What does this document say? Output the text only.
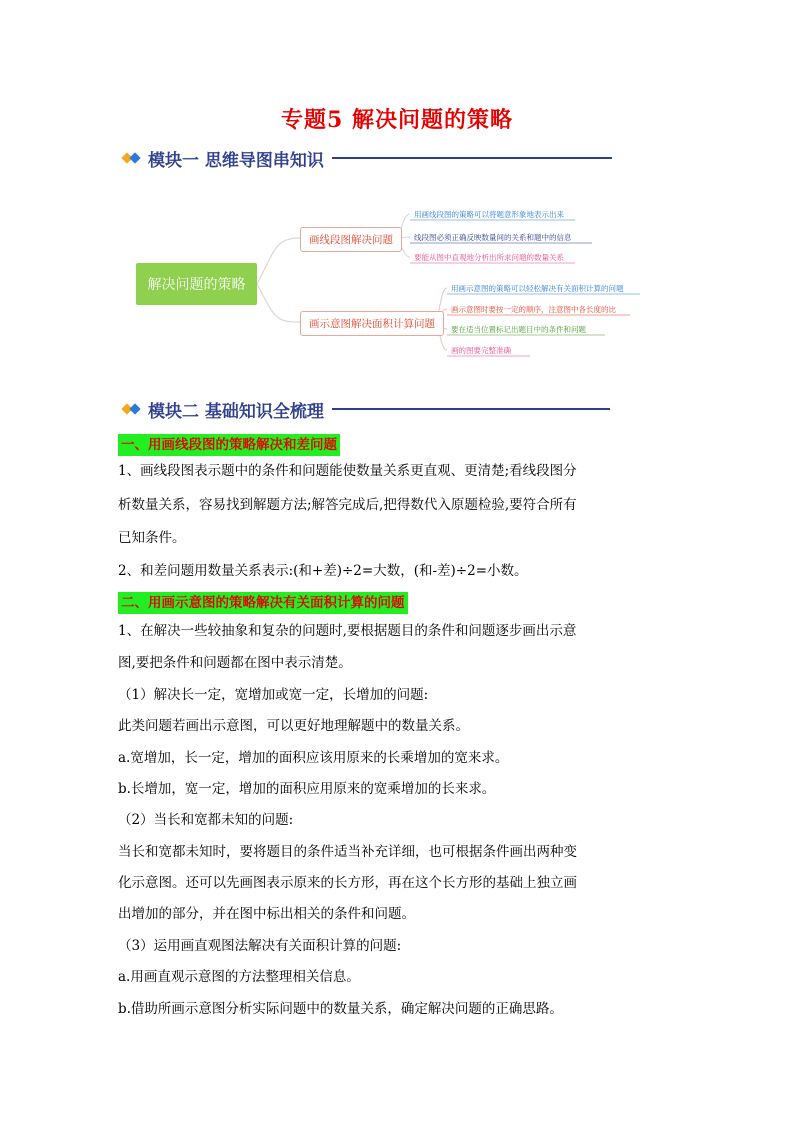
专题5 解决问题的策略
模块一 思维导图串知识
解决问题的策略
画线段图解决问题
画示意图解决面积计算问题
用画线段图的策略可以将题意形象地表示出来
线段图必须正确反映数量间的关系和题中的信息
要能从图中直观地分析出所求问题的数量关系
用画示意图的策略可以轻松解决有关面积计算的问题
画示意图时要按一定的顺序，注意图中各长度的比
要在适当位置标记出题目中的条件和问题
画的图要完整准确
模块二 基础知识全梳理
一、用画线段图的策略解决和差问题
1、画线段图表示题中的条件和问题能使数量关系更直观、更清楚;看线段图分
析数量关系，容易找到解题方法;解答完成后,把得数代入原题检验,要符合所有
已知条件。
2、和差问题用数量关系表示:(和+差)÷2=大数，(和-差)÷2=小数。
二、用画示意图的策略解决有关面积计算的问题
1、在解决一些较抽象和复杂的问题时,要根据题目的条件和问题逐步画出示意
图,要把条件和问题都在图中表示清楚。
（1）解决长一定，宽增加或宽一定，长增加的问题:
此类问题若画出示意图，可以更好地理解题中的数量关系。
a.宽增加，长一定，增加的面积应该用原来的长乘增加的宽来求。
b.长增加，宽一定，增加的面积应用原来的宽乘增加的长来求。
（2）当长和宽都未知的问题:
当长和宽都未知时，要将题目的条件适当补充详细，也可根据条件画出两种变
化示意图。还可以先画图表示原来的长方形，再在这个长方形的基础上独立画
出增加的部分，并在图中标出相关的条件和问题。
（3）运用画直观图法解决有关面积计算的问题:
a.用画直观示意图的方法整理相关信息。
b.借助所画示意图分析实际问题中的数量关系，确定解决问题的正确思路。
